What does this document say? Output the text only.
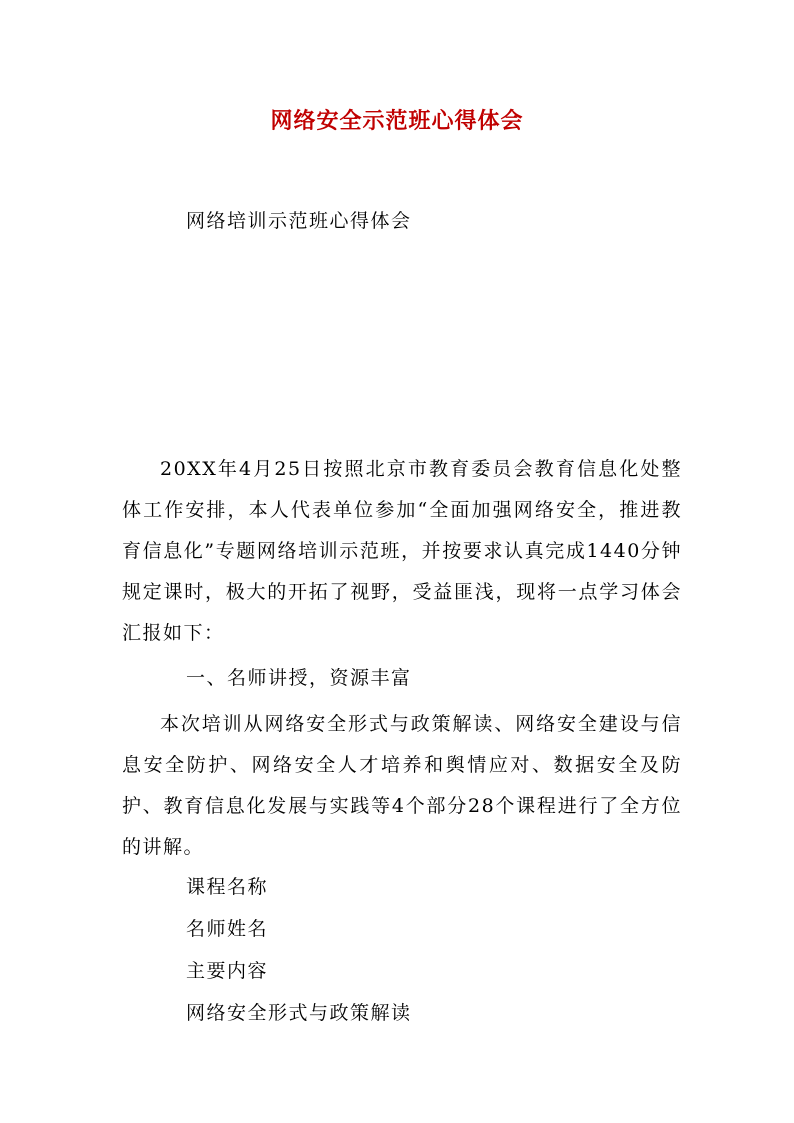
网络安全示范班心得体会
网络培训示范班心得体会

20XX年4月25日按照北京市教育委员会教育信息化处整体工作安排，本人代表单位参加“全面加强网络安全，推进教育信息化”专题网络培训示范班，并按要求认真完成1440分钟规定课时，极大的开拓了视野，受益匪浅，现将一点学习体会汇报如下：

一、名师讲授，资源丰富

本次培训从网络安全形式与政策解读、网络安全建设与信息安全防护、网络安全人才培养和舆情应对、数据安全及防护、教育信息化发展与实践等4个部分28个课程进行了全方位的讲解。

课程名称
名师姓名
主要内容
网络安全形式与政策解读
